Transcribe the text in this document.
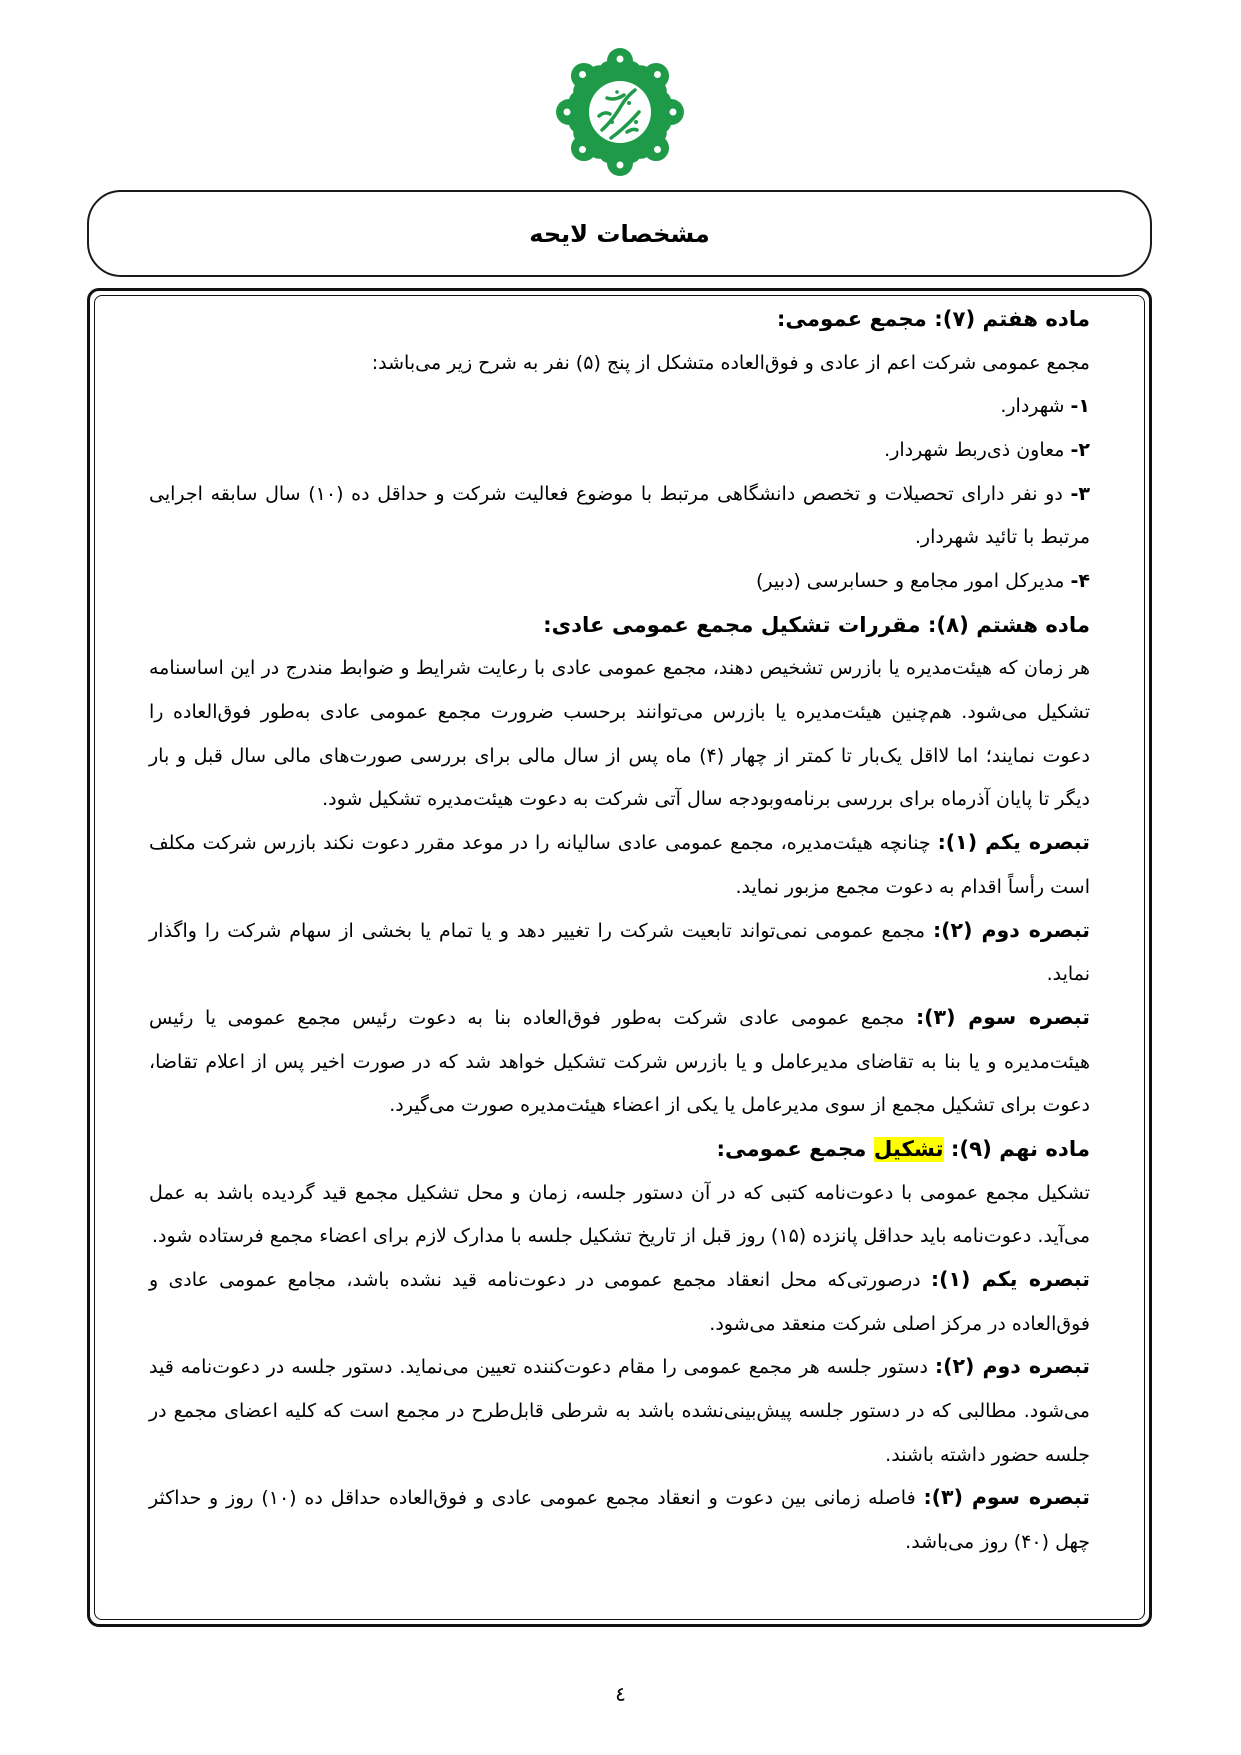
مشخصات لایحه

ماده هفتم (۷): مجمع عمومی:

مجمع عمومی شرکت اعم از عادی و فوق‌العاده متشکل از پنج (۵) نفر به شرح زیر می‌باشد:

۱- شهردار.

۲- معاون ذی‌ربط شهردار.

۳- دو نفر دارای تحصیلات و تخصص دانشگاهی مرتبط با موضوع فعالیت شرکت و حداقل ده (۱۰) سال سابقه اجرایی مرتبط با تائید شهردار.

۴- مدیرکل امور مجامع و حسابرسی (دبیر)

ماده هشتم (۸): مقررات تشکیل مجمع عمومی عادی:

هر زمان که هیئت‌مدیره یا بازرس تشخیص دهند، مجمع عمومی عادی با رعایت شرایط و ضوابط مندرج در این اساسنامه تشکیل می‌شود. هم‌چنین هیئت‌مدیره یا بازرس می‌توانند برحسب ضرورت مجمع عمومی عادی به‌طور فوق‌العاده را دعوت نمایند؛ اما لااقل یک‌بار تا کمتر از چهار (۴) ماه پس از سال مالی برای بررسی صورت‌های مالی سال قبل و بار دیگر تا پایان آذرماه برای بررسی برنامه‌وبودجه سال آتی شرکت به دعوت هیئت‌مدیره تشکیل شود.

تبصره یکم (۱): چنانچه هیئت‌مدیره، مجمع عمومی عادی سالیانه را در موعد مقرر دعوت نکند بازرس شرکت مکلف است رأساً اقدام به دعوت مجمع مزبور نماید.

تبصره دوم (۲): مجمع عمومی نمی‌تواند تابعیت شرکت را تغییر دهد و یا تمام یا بخشی از سهام شرکت را واگذار نماید.

تبصره سوم (۳): مجمع عمومی عادی شرکت به‌طور فوق‌العاده بنا به دعوت رئیس مجمع عمومی یا رئیس هیئت‌مدیره و یا بنا به تقاضای مدیرعامل و یا بازرس شرکت تشکیل خواهد شد که در صورت اخیر پس از اعلام تقاضا، دعوت برای تشکیل مجمع از سوی مدیرعامل یا یکی از اعضاء هیئت‌مدیره صورت می‌گیرد.

ماده نهم (۹): تشکیل مجمع عمومی:

تشکیل مجمع عمومی با دعوت‌نامه کتبی که در آن دستور جلسه، زمان و محل تشکیل مجمع قید گردیده باشد به عمل می‌آید. دعوت‌نامه باید حداقل پانزده (۱۵) روز قبل از تاریخ تشکیل جلسه با مدارک لازم برای اعضاء مجمع فرستاده شود.

تبصره یکم (۱): درصورتی‌که محل انعقاد مجمع عمومی در دعوت‌نامه قید نشده باشد، مجامع عمومی عادی و فوق‌العاده در مرکز اصلی شرکت منعقد می‌شود.

تبصره دوم (۲): دستور جلسه هر مجمع عمومی را مقام دعوت‌کننده تعیین می‌نماید. دستور جلسه در دعوت‌نامه قید می‌شود. مطالبی که در دستور جلسه پیش‌بینی‌نشده باشد به شرطی قابل‌طرح در مجمع است که کلیه اعضای مجمع در جلسه حضور داشته باشند.

تبصره سوم (۳): فاصله زمانی بین دعوت و انعقاد مجمع عمومی عادی و فوق‌العاده حداقل ده (۱۰) روز و حداکثر چهل (۴۰) روز می‌باشد.

٤
